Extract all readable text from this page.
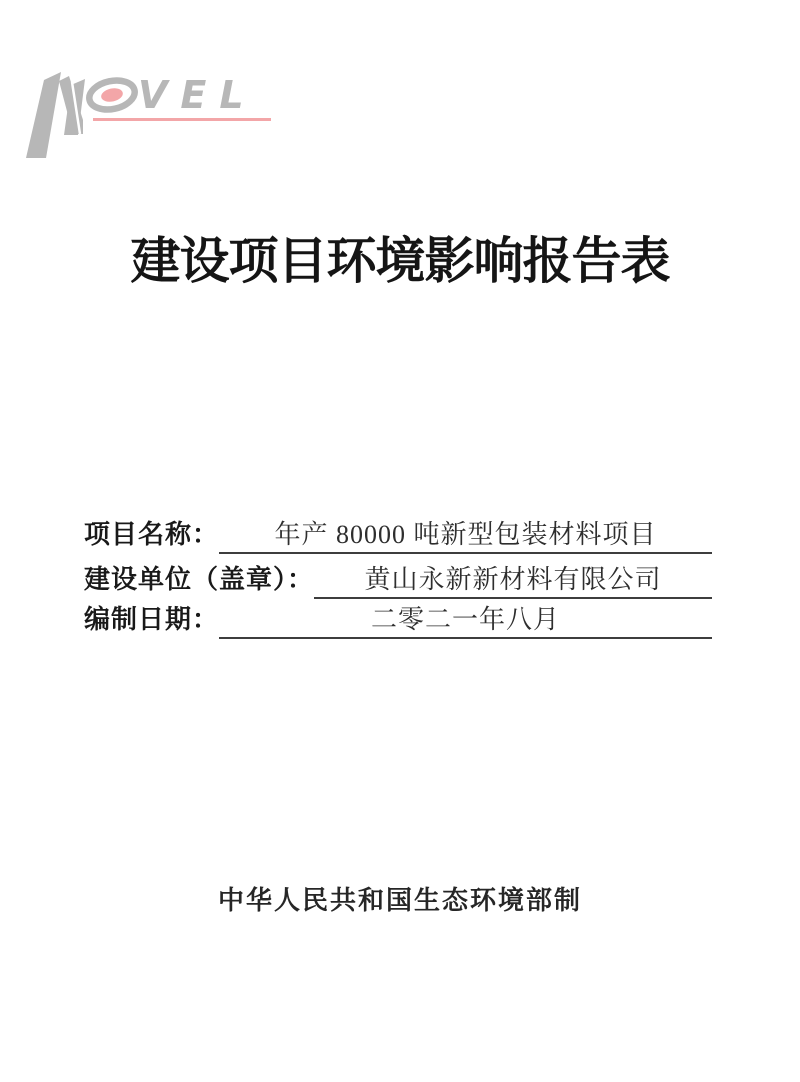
VEL
建设项目环境影响报告表
项目名称：	年产 80000 吨新型包装材料项目
建设单位（盖章）：	黄山永新新材料有限公司
编制日期：	二零二一年八月
中华人民共和国生态环境部制
